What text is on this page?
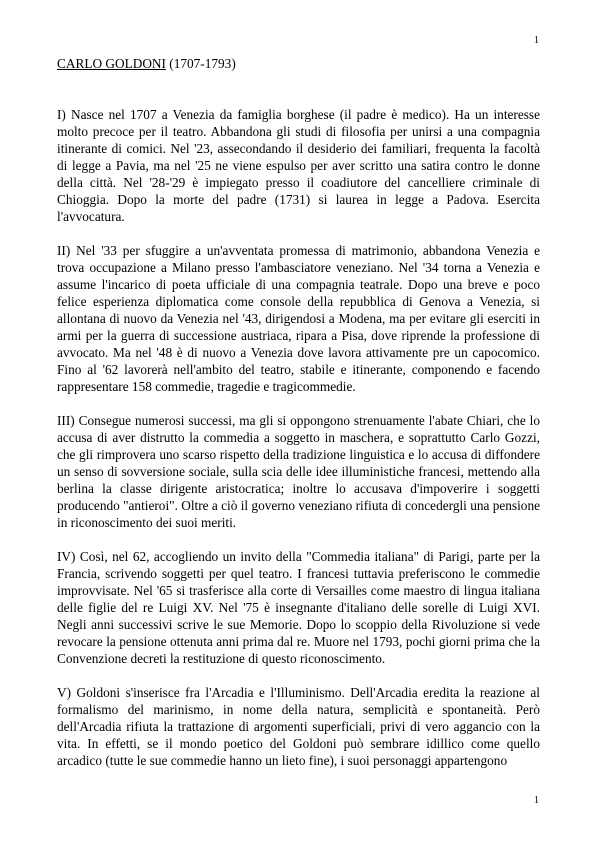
1
CARLO GOLDONI (1707-1793)

I) Nasce nel 1707 a Venezia da famiglia borghese (il padre è medico). Ha un interesse molto precoce per il teatro. Abbandona gli studi di filosofia per unirsi a una compagnia itinerante di comici. Nel '23, assecondando il desiderio dei familiari, frequenta la facoltà di legge a Pavia, ma nel '25 ne viene espulso per aver scritto una satira contro le donne della città. Nel '28-'29 è impiegato presso il coadiutore del cancelliere criminale di Chioggia. Dopo la morte del padre (1731) si laurea in legge a Padova. Esercita l'avvocatura.

II) Nel '33 per sfuggire a un'avventata promessa di matrimonio, abbandona Venezia e trova occupazione a Milano presso l'ambasciatore veneziano. Nel '34 torna a Venezia e assume l'incarico di poeta ufficiale di una compagnia teatrale. Dopo una breve e poco felice esperienza diplomatica come console della repubblica di Genova a Venezia, si allontana di nuovo da Venezia nel '43, dirigendosi a Modena, ma per evitare gli eserciti in armi per la guerra di successione austriaca, ripara a Pisa, dove riprende la professione di avvocato. Ma nel '48 è di nuovo a Venezia dove lavora attivamente pre un capocomico. Fino al '62 lavorerà nell'ambito del teatro, stabile e itinerante, componendo e facendo rappresentare 158 commedie, tragedie e tragicommedie.

III) Consegue numerosi successi, ma gli si oppongono strenuamente l'abate Chiari, che lo accusa di aver distrutto la commedia a soggetto in maschera, e soprattutto Carlo Gozzi, che gli rimprovera uno scarso rispetto della tradizione linguistica e lo accusa di diffondere un senso di sovversione sociale, sulla scia delle idee illuministiche francesi, mettendo alla berlina la classe dirigente aristocratica; inoltre lo accusava d'impoverire i soggetti producendo "antieroi". Oltre a ciò il governo veneziano rifiuta di concedergli una pensione in riconoscimento dei suoi meriti.

IV) Così, nel 62, accogliendo un invito della "Commedia italiana" di Parigi, parte per la Francia, scrivendo soggetti per quel teatro. I francesi tuttavia preferiscono le commedie improvvisate. Nel '65 si trasferisce alla corte di Versailles come maestro di lingua italiana delle figlie del re Luigi XV. Nel '75 è insegnante d'italiano delle sorelle di Luigi XVI. Negli anni successivi scrive le sue Memorie. Dopo lo scoppio della Rivoluzione si vede revocare la pensione ottenuta anni prima dal re. Muore nel 1793, pochi giorni prima che la Convenzione decreti la restituzione di questo riconoscimento.

V) Goldoni s'inserisce fra l'Arcadia e l'Illuminismo. Dell'Arcadia eredita la reazione al formalismo del marinismo, in nome della natura, semplicità e spontaneità. Però dell'Arcadia rifiuta la trattazione di argomenti superficiali, privi di vero aggancio con la vita. In effetti, se il mondo poetico del Goldoni può sembrare idillico come quello arcadico (tutte le sue commedie hanno un lieto fine), i suoi personaggi appartengono

1
